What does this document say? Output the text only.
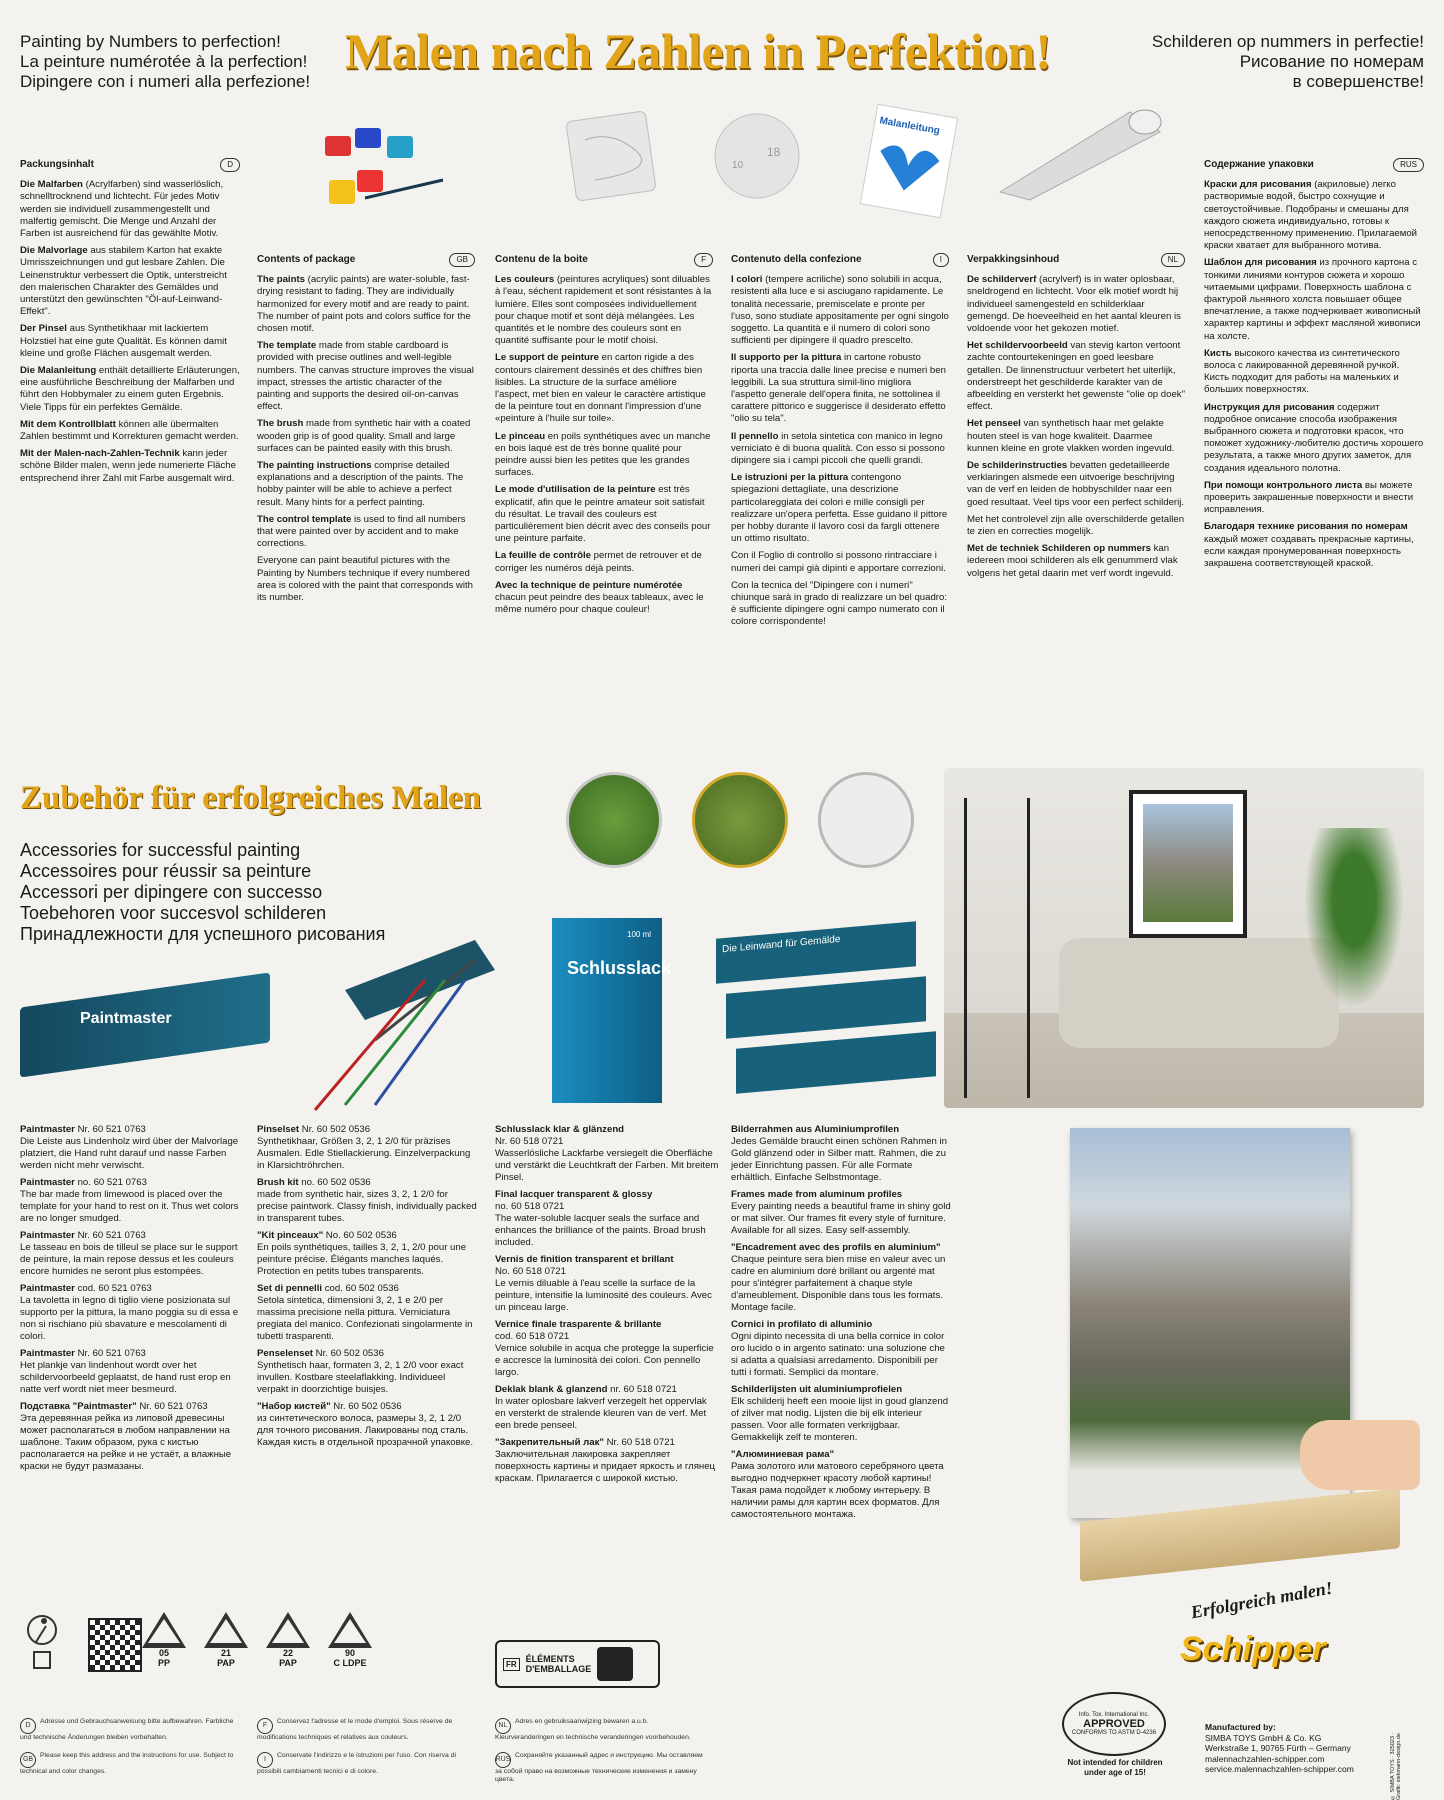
Painting by Numbers to perfection!
La peinture numérotée à la perfection!
Dipingere con i numeri alla perfezione!
Malen nach Zahlen in Perfektion!	Schilderen op nummers in perfectie!
Рисование по номерам
в совершенстве!
18
10
Malanleitung
Packungsinhalt	D

Die Malfarben (Acrylfarben) sind wasserlöslich, schnelltrocknend und lichtecht. Für jedes Motiv werden sie individuell zusammengestellt und malfertig gemischt. Die Menge und Anzahl der Farben ist ausreichend für das gewählte Motiv.

Die Malvorlage aus stabilem Karton hat exakte Umrisszeichnungen und gut lesbare Zahlen. Die Leinenstruktur verbessert die Optik, unterstreicht den malerischen Charakter des Gemäldes und unterstützt den gewünschten "Öl-auf-Leinwand-Effekt".

Der Pinsel aus Synthetikhaar mit lackiertem Holzstiel hat eine gute Qualität. Es können damit kleine und große Flächen ausgemalt werden.

Die Malanleitung enthält detaillierte Erläuterungen, eine ausführliche Beschreibung der Malfarben und führt den Hobbymaler zu einem guten Ergebnis. Viele Tipps für ein perfektes Gemälde.

Mit dem Kontrollblatt können alle übermalten Zahlen bestimmt und Korrekturen gemacht werden.

Mit der Malen-nach-Zahlen-Technik kann jeder schöne Bilder malen, wenn jede numerierte Fläche entsprechend ihrer Zahl mit Farbe ausgemalt wird.

Contents of package	GB

The paints (acrylic paints) are water-soluble, fast-drying resistant to fading. They are individually harmonized for every motif and are ready to paint. The number of paint pots and colors suffice for the chosen motif.

The template made from stable cardboard is provided with precise outlines and well-legible numbers. The canvas structure improves the visual impact, stresses the artistic character of the painting and supports the desired oil-on-canvas effect.

The brush made from synthetic hair with a coated wooden grip is of good quality. Small and large surfaces can be painted easily with this brush.

The painting instructions comprise detailed explanations and a description of the paints. The hobby painter will be able to achieve a perfect result. Many hints for a perfect painting.

The control template is used to find all numbers that were painted over by accident and to make corrections.

Everyone can paint beautiful pictures with the Painting by Numbers technique if every numbered area is colored with the paint that corresponds with its number.

Contenu de la boite	F

Les couleurs (peintures acryliques) sont diluables à l'eau, séchent rapidement et sont résistantes à la lumière. Elles sont composées individuellement pour chaque motif et sont déjà mélangées. Les quantités et le nombre des couleurs sont en quantité suffisante pour le motif choisi.

Le support de peinture en carton rigide a des contours clairement dessinés et des chiffres bien lisibles. La structure de la surface améliore l'aspect, met bien en valeur le caractère artistique de la peinture tout en donnant l'impression d'une «peinture à l'huile sur toile».

Le pinceau en poils synthétiques avec un manche en bois laqué est de très bonne qualité pour peindre aussi bien les petites que les grandes surfaces.

Le mode d'utilisation de la peinture est très explicatif, afin que le peintre amateur soit satisfait du résultat. Le travail des couleurs est particulièrement bien décrit avec des conseils pour une peinture parfaite.

La feuille de contrôle permet de retrouver et de corriger les numéros déjà peints.

Avec la technique de peinture numérotée chacun peut peindre des beaux tableaux, avec le même numéro pour chaque couleur!

Contenuto della confezione	I

I colori (tempere acriliche) sono solubili in acqua, resistenti alla luce e si asciugano rapidamente. Le tonalità necessarie, premiscelate e pronte per l'uso, sono studiate appositamente per ogni singolo soggetto. La quantità e il numero di colori sono sufficienti per dipingere il quadro prescelto.

Il supporto per la pittura in cartone robusto riporta una traccia dalle linee precise e numeri ben leggibili. La sua struttura simil-lino migliora l'aspetto generale dell'opera finita, ne sottolinea il carattere pittorico e suggerisce il desiderato effetto "olio su tela".

Il pennello in setola sintetica con manico in legno verniciato è di buona qualità. Con esso si possono dipingere sia i campi piccoli che quelli grandi.

Le istruzioni per la pittura contengono spiegazioni dettagliate, una descrizione particolareggiata dei colori e mille consigli per realizzare un'opera perfetta. Esse guidano il pittore per hobby durante il lavoro così da fargli ottenere un ottimo risultato.

Con il Foglio di controllo si possono rintracciare i numeri dei campi già dipinti e apportare correzioni.

Con la tecnica del "Dipingere con i numeri" chiunque sarà in grado di realizzare un bel quadro: è sufficiente dipingere ogni campo numerato con il colore corrispondente!

Verpakkingsinhoud	NL

De schilderverf (acrylverf) is in water oplosbaar, sneldrogend en lichtecht. Voor elk motief wordt hij individueel samengesteld en schilderklaar gemengd. De hoeveelheid en het aantal kleuren is voldoende voor het gekozen motief.

Het schildervoorbeeld van stevig karton vertoont zachte contourtekeningen en goed leesbare getallen. De linnenstructuur verbetert het uiterlijk, onderstreept het geschilderde karakter van de afbeelding en versterkt het gewenste "olie op doek" effect.

Het penseel van synthetisch haar met gelakte houten steel is van hoge kwaliteit. Daarmee kunnen kleine en grote vlakken worden ingevuld.

De schilderinstructies bevatten gedetailleerde verklaringen alsmede een uitvoerige beschrijving van de verf en leiden de hobbyschilder naar een goed resultaat. Veel tips voor een perfect schilderij.

Met het controlevel zijn alle overschilderde getallen te zien en correcties mogelijk.

Met de techniek Schilderen op nummers kan iedereen mooi schilderen als elk genummerd vlak volgens het getal daarin met verf wordt ingevuld.

Содержание упаковки	RUS

Краски для рисования (акриловые) легко растворимые водой, быстро сохнущие и светоустойчивые. Подобраны и смешаны для каждого сюжета индивидуально, готовы к непосредственному применению. Прилагаемой краски хватает для выбранного мотива.

Шаблон для рисования из прочного картона с тонкими линиями контуров сюжета и хорошо читаемыми цифрами. Поверхность шаблона с фактурой льняного холста повышает общее впечатление, а также подчеркивает живописный характер картины и эффект масляной живописи на холсте.

Кисть высокого качества из синтетического волоса с лакированной деревянной ручкой. Кисть подходит для работы на маленьких и больших поверхностях.

Инструкция для рисования содержит подробное описание способа изображения выбранного сюжета и подготовки красок, что поможет художнику-любителю достичь хорошего результата, а также много других заметок, для создания идеального полотна.

При помощи контрольного листа вы можете проверить закрашенные поверхности и внести исправления.

Благодаря технике рисования по номерам каждый может создавать прекрасные картины, если каждая пронумерованная поверхность закрашена соответствующей краской.

Zubehör für erfolgreiches Malen
Accessories for successful painting
Accessoires pour réussir sa peinture
Accessori per dipingere con successo
Toebehoren voor succesvol schilderen
Принадлежности для успешного рисования
Paintmaster
Schlusslack
100 ml	Die Leinwand für Gemälde

Paintmaster Nr. 60 521 0763
Die Leiste aus Lindenholz wird über der Malvorlage platziert, die Hand ruht darauf und nasse Farben werden nicht mehr verwischt.

Paintmaster no. 60 521 0763
The bar made from limewood is placed over the template for your hand to rest on it. Thus wet colors are no longer smudged.

Paintmaster Nr. 60 521 0763
Le tasseau en bois de tilleul se place sur le support de peinture, la main repose dessus et les couleurs encore humides ne seront plus estompées.

Paintmaster cod. 60 521 0763
La tavoletta in legno di tiglio viene posizionata sul supporto per la pittura, la mano poggia su di essa e non si rischiano più sbavature e mescolamenti di colori.

Paintmaster Nr. 60 521 0763
Het plankje van lindenhout wordt over het schildervoorbeeld geplaatst, de hand rust erop en natte verf wordt niet meer besmeurd.

Подставка "Paintmaster" Nr. 60 521 0763
Эта деревянная рейка из липовой древесины может располагаться в любом направлении на шаблоне. Таким образом, рука с кистью располагается на рейке и не устаёт, а влажные краски не будут размазаны.

Pinselset Nr. 60 502 0536
Synthetikhaar, Größen 3, 2, 1 2/0 für präzises Ausmalen. Edle Stiellackierung. Einzelverpackung in Klarsichtröhrchen.

Brush kit no. 60 502 0536
made from synthetic hair, sizes 3, 2, 1 2/0 for precise paintwork. Classy finish, individually packed in transparent tubes.

"Kit pinceaux" No. 60 502 0536
En poils synthétiques, tailles 3, 2, 1, 2/0 pour une peinture précise. Élégants manches laqués. Protection en petits tubes transparents.

Set di pennelli cod. 60 502 0536
Setola sintetica, dimensioni 3, 2, 1 e 2/0 per massima precisione nella pittura. Verniciatura pregiata del manico. Confezionati singolarmente in tubetti trasparenti.

Penselenset Nr. 60 502 0536
Synthetisch haar, formaten 3, 2, 1 2/0 voor exact invullen. Kostbare steelaflakking. Individueel verpakt in doorzichtige buisjes.

"Набор кистей" Nr. 60 502 0536
из синтетического волоса, размеры 3, 2, 1 2/0 для точного рисования. Лакированы под сталь. Каждая кисть в отдельной прозрачной упаковке.

Schlusslack klar & glänzend
Nr. 60 518 0721
Wasserlösliche Lackfarbe versiegelt die Oberfläche und verstärkt die Leuchtkraft der Farben. Mit breitem Pinsel.

Final lacquer transparent & glossy
no. 60 518 0721
The water-soluble lacquer seals the surface and enhances the brilliance of the paints. Broad brush included.

Vernis de finition transparent et brillant
No. 60 518 0721
Le vernis diluable à l'eau scelle la surface de la peinture, intensifie la luminosité des couleurs. Avec un pinceau large.

Vernice finale trasparente & brillante
cod. 60 518 0721
Vernice solubile in acqua che protegge la superficie e accresce la luminosità dei colori. Con pennello largo.

Deklak blank & glanzend nr. 60 518 0721
In water oplosbare lakverf verzegelt het oppervlak en versterkt de stralende kleuren van de verf. Met een brede penseel.

"Закрепительный лак" Nr. 60 518 0721
Заключительная лакировка закрепляет поверхность картины и придает яркость и глянец краскам. Прилагается с широкой кистью.

Bilderrahmen aus Aluminiumprofilen
Jedes Gemälde braucht einen schönen Rahmen in Gold glänzend oder in Silber matt. Rahmen, die zu jeder Einrichtung passen. Für alle Formate erhältlich. Einfache Selbstmontage.

Frames made from aluminum profiles
Every painting needs a beautiful frame in shiny gold or mat silver. Our frames fit every style of furniture. Available for all sizes. Easy self-assembly.

"Encadrement avec des profils en aluminium"
Chaque peinture sera bien mise en valeur avec un cadre en aluminium doré brillant ou argenté mat pour s'intégrer parfaitement à chaque style d'ameublement. Disponible dans tous les formats. Montage facile.

Cornici in profilato di alluminio
Ogni dipinto necessita di una bella cornice in color oro lucido o in argento satinato: una soluzione che si adatta a qualsiasi arredamento. Disponibili per tutti i formati. Semplici da montare.

Schilderlijsten uit aluminiumprofielen
Elk schilderij heeft een mooie lijst in goud glanzend of zilver mat nodig. Lijsten die bij elk interieur passen. Voor alle formaten verkrijgbaar. Gemakkelijk zelf te monteren.

"Алюминиевая рама"
Рама золотого или матового серебряного цвета выгодно подчеркнет красоту любой картины! Такая рама подойдет к любому интерьеру. В наличии рамы для картин всех форматов. Для самостоятельного монтажа.

05
PP
21
PAP
22
PAP
90
C LDPE	FR	ÉLÉMENTS
D'EMBALLAGE
DAdresse und Gebrauchsanweisung bitte aufbewahren. Farbliche und technische Änderungen bleiben vorbehalten.
GBPlease keep this address and the instructions for use. Subject to technical and color changes.
FConservez l'adresse et le mode d'emploi. Sous réserve de modifications techniques et relatives aux couleurs.
IConservate l'indirizzo e le istruzioni per l'uso. Con riserva di possibili cambiamenti tecnici e di colore.
NLAdres en gebruiksaanwijzing bewaren a.u.b. Kleurveranderingen en technische veranderingen voorbehouden.
RUSСохраняйте указанный адрес и инструкцию. Мы оставляем за собой право на возможные технические изменения и замену цвета.
Info. Tox. International Inc.
APPROVED
CONFORMS TO ASTM D-4236
Not intended for children
under age of 15!
Erfolgreich malen!
Schipper
Manufactured by:
SIMBA TOYS GmbH & Co. KG
Werkstraße 1, 90765 Fürth – Germany
malennachzahlen-schipper.com
service.malennachzahlen-schipper.com	© SIMBA TOYS · 325023 · Grafik: siekmann-design.de
